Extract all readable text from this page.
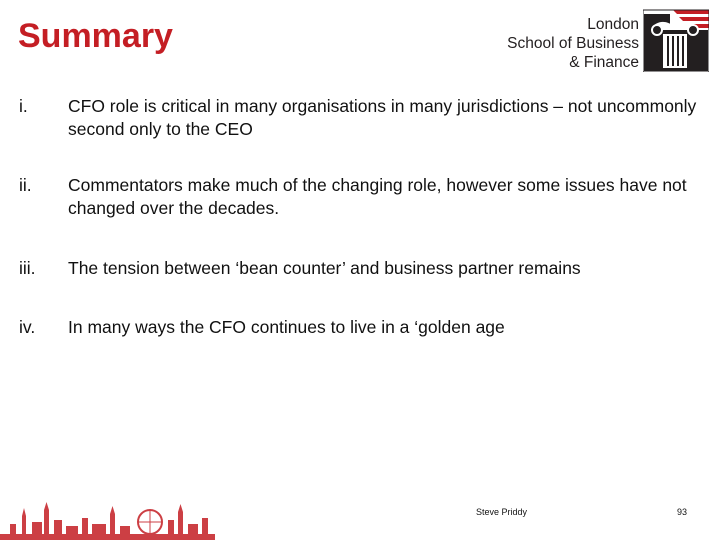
Summary	London
School of Business
& Finance
i. CFO role is critical in many organisations in many jurisdictions – not uncommonly second only to the CEO
ii. Commentators make much of the changing role, however some issues have not changed over the decades.
iii. The tension between ‘bean counter’ and business partner remains
iv. In many ways the CFO continues to live in a ‘golden age
Steve Priddy	93
